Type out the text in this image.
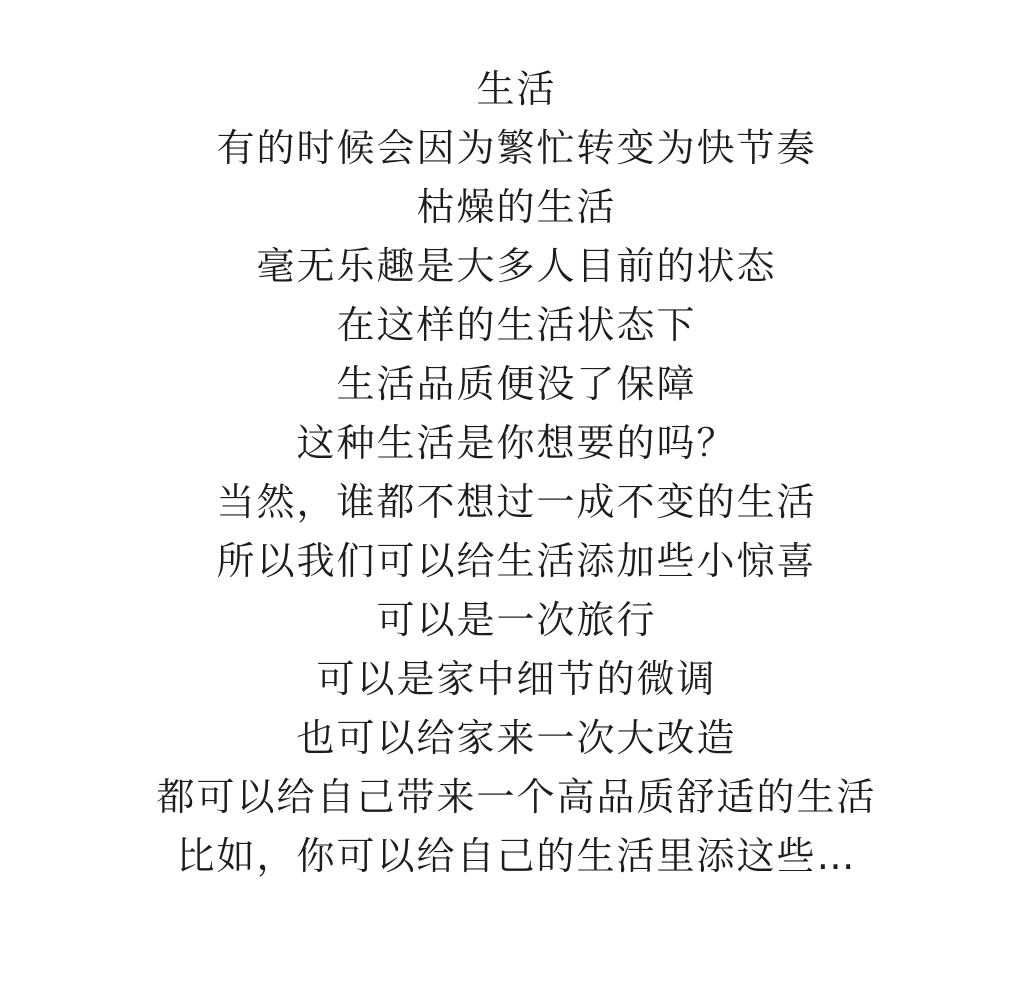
生活
有的时候会因为繁忙转变为快节奏
枯燥的生活
毫无乐趣是大多人目前的状态
在这样的生活状态下
生活品质便没了保障
这种生活是你想要的吗？
当然，谁都不想过一成不变的生活
所以我们可以给生活添加些小惊喜
可以是一次旅行
可以是家中细节的微调
也可以给家来一次大改造
都可以给自己带来一个高品质舒适的生活
比如，你可以给自己的生活里添这些…
